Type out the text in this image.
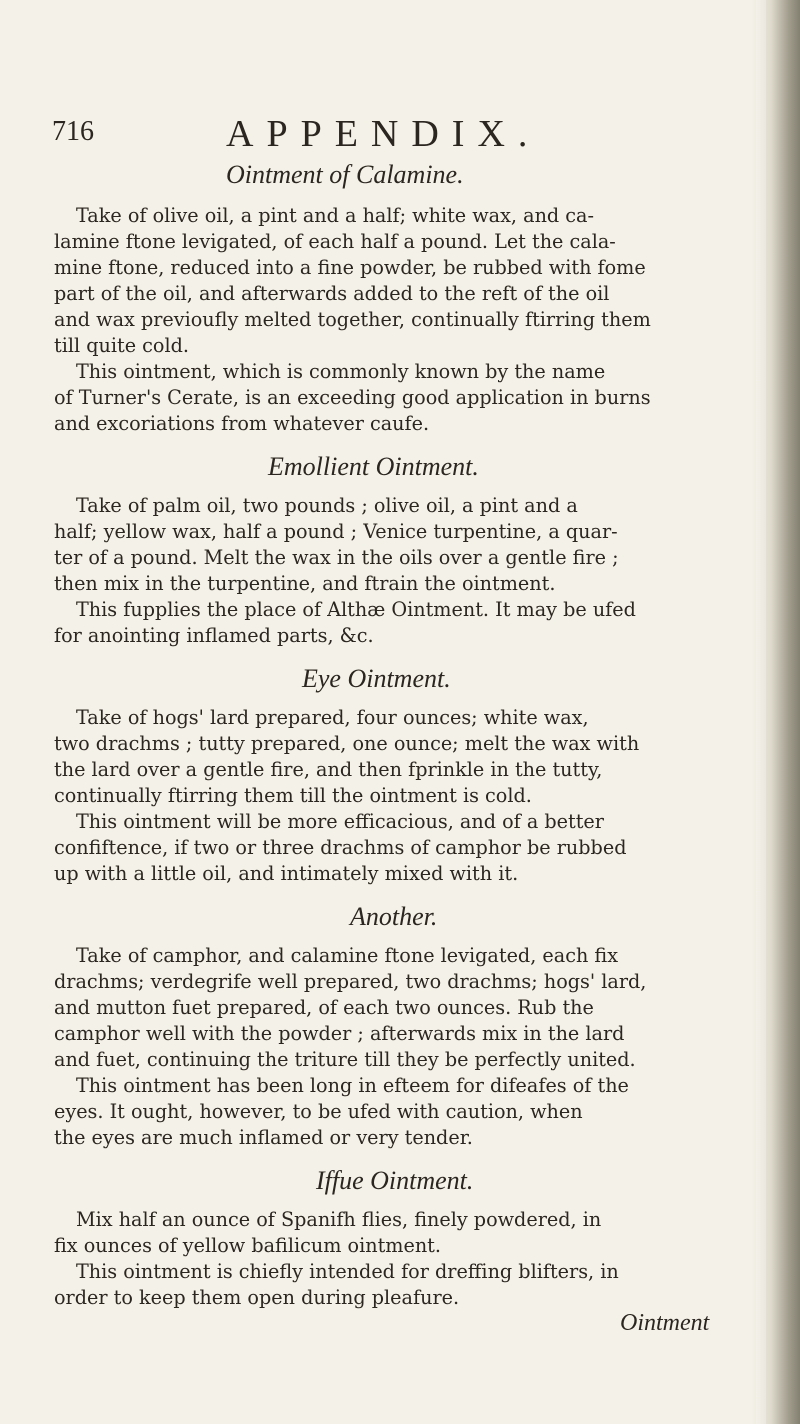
716	APPENDIX.
Ointment of Calamine.
Take of olive oil, a pint and a half; white wax, and ca-
lamine ftone levigated, of each half a pound. Let the cala-
mine ftone, reduced into a fine powder, be rubbed with fome
part of the oil, and afterwards added to the reft of the oil
and wax previoufly melted together, continually ftirring them
till quite cold.
This ointment, which is commonly known by the name
of Turner's Cerate, is an exceeding good application in burns
and excoriations from whatever caufe.
Emollient Ointment.
Take of palm oil, two pounds ; olive oil, a pint and a
half; yellow wax, half a pound ; Venice turpentine, a quar-
ter of a pound. Melt the wax in the oils over a gentle fire ;
then mix in the turpentine, and ftrain the ointment.
This fupplies the place of Althæ Ointment. It may be ufed
for anointing inflamed parts, &c.
Eye Ointment.
Take of hogs' lard prepared, four ounces; white wax,
two drachms ; tutty prepared, one ounce; melt the wax with
the lard over a gentle fire, and then fprinkle in the tutty,
continually ftirring them till the ointment is cold.
This ointment will be more efficacious, and of a better
confiftence, if two or three drachms of camphor be rubbed
up with a little oil, and intimately mixed with it.
Another.
Take of camphor, and calamine ftone levigated, each fix
drachms; verdegrife well prepared, two drachms; hogs' lard,
and mutton fuet prepared, of each two ounces. Rub the
camphor well with the powder ; afterwards mix in the lard
and fuet, continuing the triture till they be perfectly united.
This ointment has been long in efteem for difeafes of the
eyes. It ought, however, to be ufed with caution, when
the eyes are much inflamed or very tender.
Iffue Ointment.
Mix half an ounce of Spanifh flies, finely powdered, in
fix ounces of yellow bafilicum ointment.
This ointment is chiefly intended for dreffing blifters, in
order to keep them open during pleafure.
Ointment
